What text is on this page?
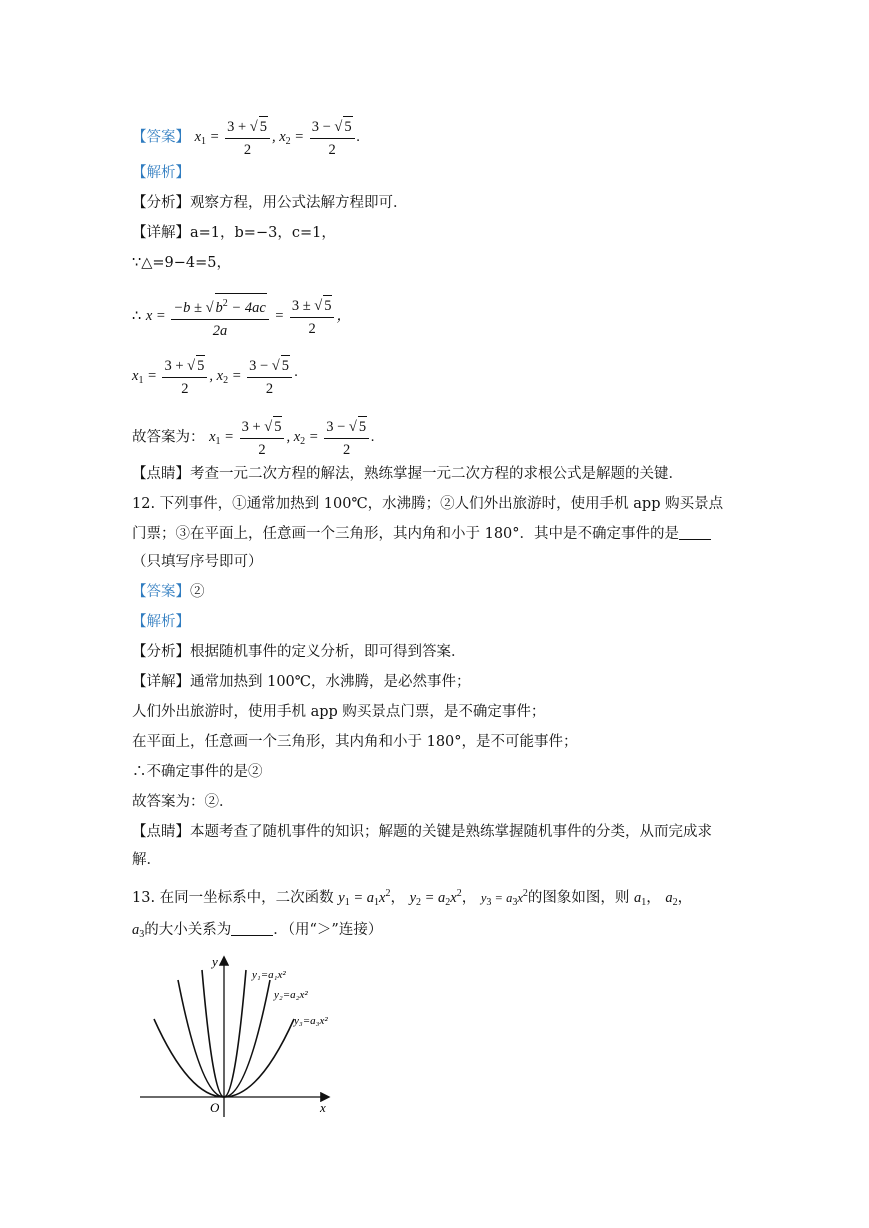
【答案】 $x_1 = \frac{3 + √ 5}{2}$ , $x_2 = \frac{3 - √ 5}{2}$ .
【解析】
【分析】观察方程，用公式法解方程即可．
【详解】a=1，b=−3，c=1，
∵△=9−4=5，
∴ $x = \frac{-b \pm √ b^2 - 4ac}{2a} = \frac{3 \pm √ 5}{2}$ ，
$x_1 = \frac{3 + √ 5}{2}$ , $x_2 = \frac{3 - √ 5}{2}$ ·
故答案为： $x_1 = \frac{3 + √ 5}{2}$ , $x_2 = \frac{3 - √ 5}{2}$ .
【点睛】考查一元二次方程的解法，熟练掌握一元二次方程的求根公式是解题的关键．
12. 下列事件，①通常加热到 100℃，水沸腾；②人们外出旅游时，使用手机 app 购买景点
门票；③在平面上，任意画一个三角形，其内角和小于 180°．其中是不确定事件的是
（只填写序号即可）
【答案】②
【解析】
【分析】根据随机事件的定义分析，即可得到答案．
【详解】通常加热到 100℃，水沸腾，是必然事件；
人们外出旅游时，使用手机 app 购买景点门票，是不确定事件；
在平面上，任意画一个三角形，其内角和小于 180°，是不可能事件；
∴不确定事件的是②
故答案为：②．
【点睛】本题考查了随机事件的知识；解题的关键是熟练掌握随机事件的分类，从而完成求
解．
13. 在同一坐标系中，二次函数 $y_1 = a_1x^2$， $y_2 = a_2x^2$， $y_3 = a_3x^2$的图象如图，则 $a_1$， $a_2$，
$a_3$的大小关系为	．（用“＞”连接）
y
x
O
y₁=a₁x²
y₂=a₂x²
y₃=a₃x²
